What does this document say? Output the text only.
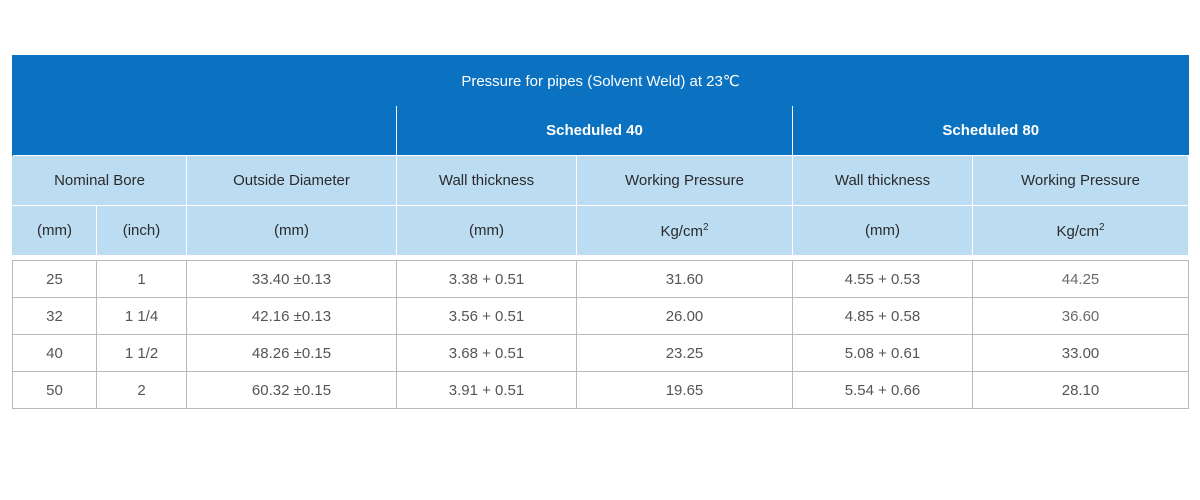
Pressure for pipes (Solvent Weld) at 23℃						
			Scheduled 40		Scheduled 80	
Nominal Bore		Outside Diameter	Wall thickness	Working Pressure	Wall thickness	Working Pressure
(mm)	(inch)	(mm)	(mm)	$Kg/cm^2$	(mm)	$Kg/cm^2$

25	1	33.40 ±0.13	3.38 + 0.51	31.60	4.55 + 0.53	44.25
32	1 1/4	42.16 ±0.13	3.56 + 0.51	26.00	4.85 + 0.58	36.60
40	1 1/2	48.26 ±0.15	3.68 + 0.51	23.25	5.08 + 0.61	33.00
50	2	60.32 ±0.15	3.91 + 0.51	19.65	5.54 + 0.66	28.10
